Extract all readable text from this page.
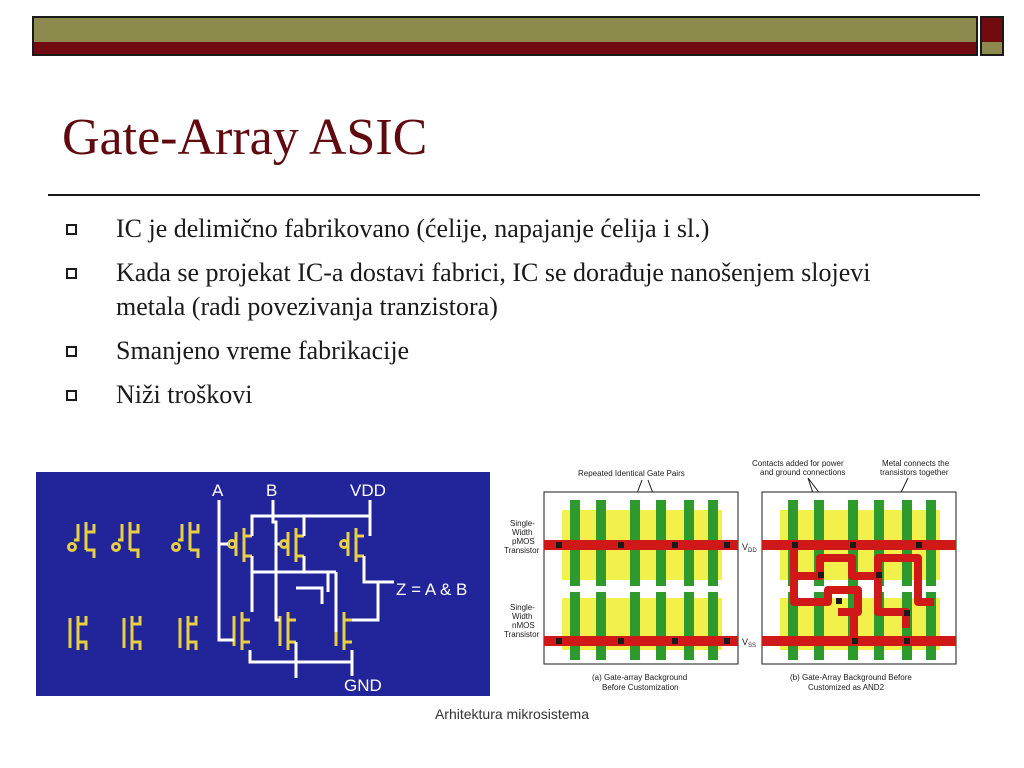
Gate-Array ASIC
IC je delimično fabrikovano (ćelije, napajanje ćelija i sl.)
Kada se projekat IC-a dostavi fabrici, IC se dorađuje nanošenjem slojevi metala (radi povezivanja tranzistora)
Smanjeno vreme fabrikacije
Niži troškovi
A	B	VDD
Z = A & B
GND
Repeated Identical Gate Pairs
Contacts added for power
and ground connections
Metal connects the
transistors together
Single-
Width
pMOS
Transistor
Single-
Width
nMOS
Transistor
(a) Gate-array Background
Before Customization
(b) Gate-Array Background Before
Customized as AND2
$V_{DD}$
$V_{SS}$
Arhitektura mikrosistema
